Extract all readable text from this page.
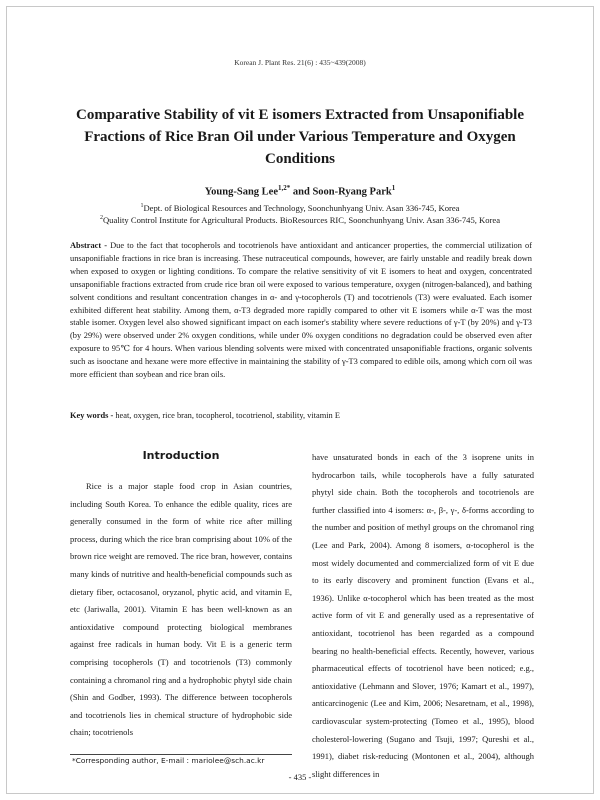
Korean J. Plant Res. 21(6) : 435~439(2008)
Comparative Stability of vit E isomers Extracted from Unsaponifiable Fractions of Rice Bran Oil under Various Temperature and Oxygen Conditions
Young-Sang Lee$^{1,2*}$ and Soon-Ryang Park$^1$
$^1$Dept. of Biological Resources and Technology, Soonchunhyang Univ. Asan 336-745, Korea
$^2$Quality Control Institute for Agricultural Products. BioResources RIC, Soonchunhyang Univ. Asan 336-745, Korea

Abstract - Due to the fact that tocopherols and tocotrienols have antioxidant and anticancer properties, the commercial utilization of unsaponifiable fractions in rice bran is increasing. These nutraceutical compounds, however, are fairly unstable and readily break down when exposed to oxygen or lighting conditions. To compare the relative sensitivity of vit E isomers to heat and oxygen, concentrated unsaponifiable fractions extracted from crude rice bran oil were exposed to various temperature, oxygen (nitrogen-balanced), and bathing solvent conditions and resultant concentration changes in α- and γ-tocopherols (T) and tocotrienols (T3) were evaluated. Each isomer exhibited different heat stability. Among them, α-T3 degraded more rapidly compared to other vit E isomers while α-T was the most stable isomer. Oxygen level also showed significant impact on each isomer's stability where severe reductions of γ-T (by 20%) and γ-T3 (by 29%) were observed under 2% oxygen conditions, while under 0% oxygen conditions no degradation could be observed even after exposure to 95℃ for 4 hours. When various blending solvents were mixed with concentrated unsaponifiable fractions, organic solvents such as isooctane and hexane were more effective in maintaining the stability of γ-T3 compared to edible oils, among which corn oil was more efficient than soybean and rice bran oils.

Key words - heat, oxygen, rice bran, tocopherol, tocotrienol, stability, vitamin E

Introduction

Rice is a major staple food crop in Asian countries, including South Korea. To enhance the edible quality, rices are generally consumed in the form of white rice after milling process, during which the rice bran comprising about 10% of the brown rice weight are removed. The rice bran, however, contains many kinds of nutritive and health-beneficial compounds such as dietary fiber, octacosanol, oryzanol, phytic acid, and vitamin E, etc (Jariwalla, 2001). Vitamin E has been well-known as an antioxidative compound protecting biological membranes against free radicals in human body. Vit E is a generic term comprising tocopherols (T) and tocotrienols (T3) commonly containing a chromanol ring and a hydrophobic phytyl side chain (Shin and Godber, 1993). The difference between tocopherols and tocotrienols lies in chemical structure of hydrophobic side chain; tocotrienols

have unsaturated bonds in each of the 3 isoprene units in hydrocarbon tails, while tocopherols have a fully saturated phytyl side chain. Both the tocopherols and tocotrienols are further classified into 4 isomers: α-, β-, γ-, δ-forms according to the number and position of methyl groups on the chromanol ring (Lee and Park, 2004). Among 8 isomers, α-tocopherol is the most widely documented and commercialized form of vit E due to its early discovery and prominent function (Evans et al., 1936). Unlike α-tocopherol which has been treated as the most active form of vit E and generally used as a representative of antioxidant, tocotrienol has been regarded as a compound bearing no health-beneficial effects. Recently, however, various pharmaceutical effects of tocotrienol have been noticed; e.g., antioxidative (Lehmann and Slover, 1976; Kamart et al., 1997), anticarcinogenic (Lee and Kim, 2006; Nesaretnam, et al., 1998), cardiovascular system-protecting (Tomeo et al., 1995), blood cholesterol-lowering (Sugano and Tsuji, 1997; Qureshi et al., 1991), diabet risk-reducing (Montonen et al., 2004), although slight differences in

*Corresponding author, E-mail : mariolee@sch.ac.kr
- 435 -
